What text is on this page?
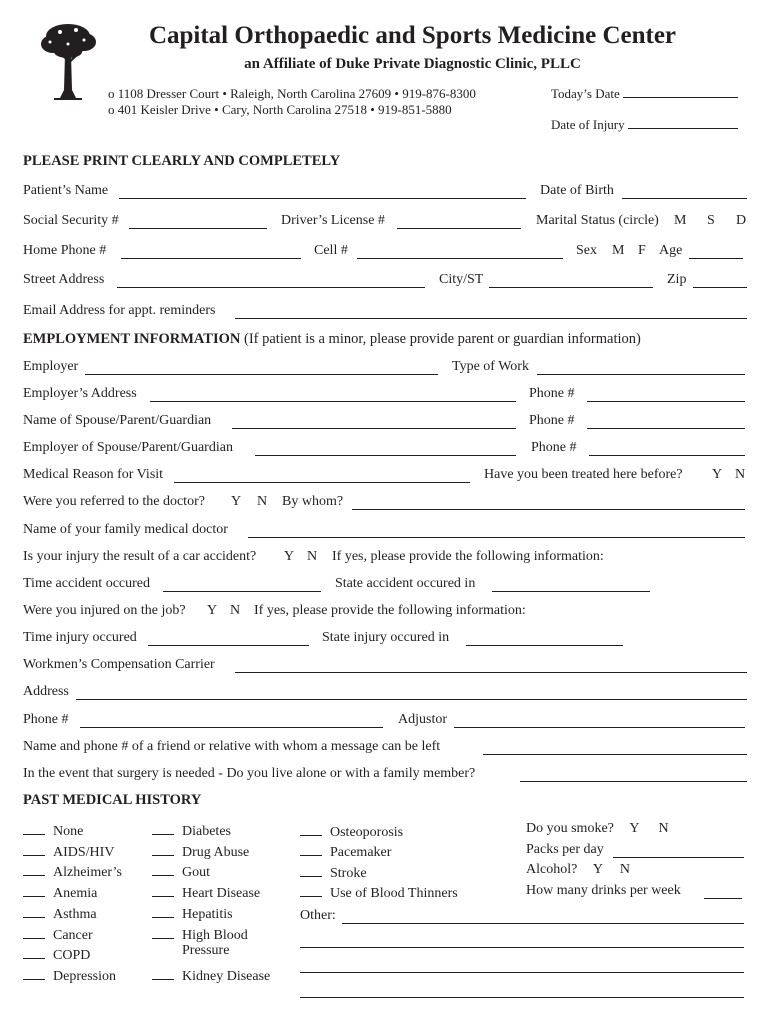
Capital Orthopaedic and Sports Medicine Center
an Affiliate of Duke Private Diagnostic Clinic, PLLC
o 1108 Dresser Court • Raleigh, North Carolina 27609 • 919-876-8300
o 401 Keisler Drive • Cary, North Carolina 27518 • 919-851-5880
Today’s Date
Date of Injury
PLEASE PRINT CLEARLY AND COMPLETELY
Patient’s Name	Date of Birth
Social Security #	Driver’s License #	Marital Status (circle) M S D
Home Phone #	Cell #	Sex M F Age
Street Address	City/ST	Zip
Email Address for appt. reminders
EMPLOYMENT INFORMATION (If patient is a minor, please provide parent or guardian information)
Employer	Type of Work
Employer’s Address	Phone #
Name of Spouse/Parent/Guardian	Phone #
Employer of Spouse/Parent/Guardian	Phone #
Medical Reason for Visit	Have you been treated here before? Y N
Were you referred to the doctor? Y N By whom?
Name of your family medical doctor
Is your injury the result of a car accident? Y N If yes, please provide the following information:
Time accident occured	State accident occured in
Were you injured on the job? Y N If yes, please provide the following information:
Time injury occured	State injury occured in
Workmen’s Compensation Carrier
Address
Phone #	Adjustor
Name and phone # of a friend or relative with whom a message can be left
In the event that surgery is needed - Do you live alone or with a family member?
PAST MEDICAL HISTORY
None
AIDS/HIV
Alzheimer’s
Anemia
Asthma
Cancer
COPD
Depression
Diabetes
Drug Abuse
Gout
Heart Disease
Hepatitis
High Blood
Pressure
Kidney Disease
Osteoporosis
Pacemaker
Stroke
Use of Blood Thinners
Other:
Do you smoke? Y N
Packs per day
Alcohol? Y N
How many drinks per week
